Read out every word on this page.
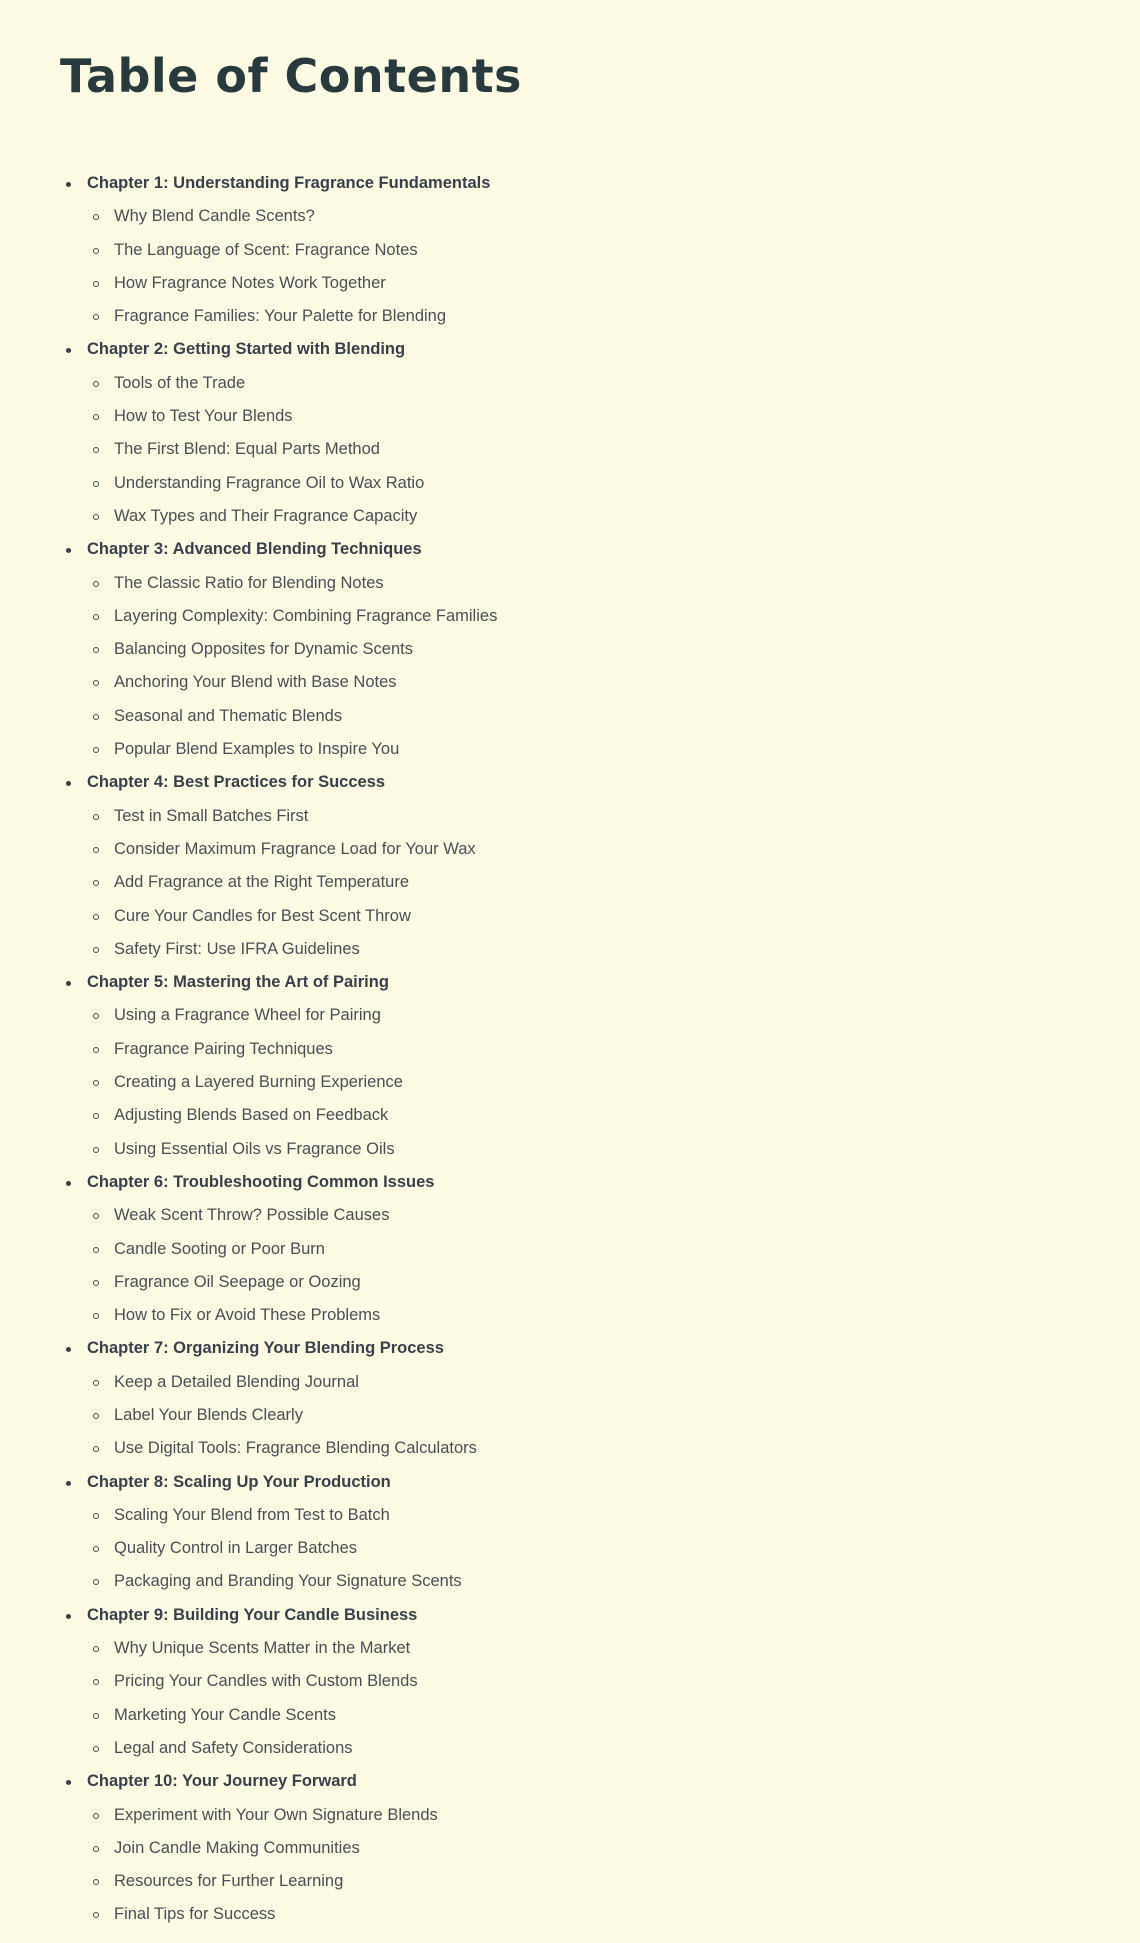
Table of Contents
Chapter 1: Understanding Fragrance Fundamentals
Why Blend Candle Scents?
The Language of Scent: Fragrance Notes
How Fragrance Notes Work Together
Fragrance Families: Your Palette for Blending
Chapter 2: Getting Started with Blending
Tools of the Trade
How to Test Your Blends
The First Blend: Equal Parts Method
Understanding Fragrance Oil to Wax Ratio
Wax Types and Their Fragrance Capacity
Chapter 3: Advanced Blending Techniques
The Classic Ratio for Blending Notes
Layering Complexity: Combining Fragrance Families
Balancing Opposites for Dynamic Scents
Anchoring Your Blend with Base Notes
Seasonal and Thematic Blends
Popular Blend Examples to Inspire You
Chapter 4: Best Practices for Success
Test in Small Batches First
Consider Maximum Fragrance Load for Your Wax
Add Fragrance at the Right Temperature
Cure Your Candles for Best Scent Throw
Safety First: Use IFRA Guidelines
Chapter 5: Mastering the Art of Pairing
Using a Fragrance Wheel for Pairing
Fragrance Pairing Techniques
Creating a Layered Burning Experience
Adjusting Blends Based on Feedback
Using Essential Oils vs Fragrance Oils
Chapter 6: Troubleshooting Common Issues
Weak Scent Throw? Possible Causes
Candle Sooting or Poor Burn
Fragrance Oil Seepage or Oozing
How to Fix or Avoid These Problems
Chapter 7: Organizing Your Blending Process
Keep a Detailed Blending Journal
Label Your Blends Clearly
Use Digital Tools: Fragrance Blending Calculators
Chapter 8: Scaling Up Your Production
Scaling Your Blend from Test to Batch
Quality Control in Larger Batches
Packaging and Branding Your Signature Scents
Chapter 9: Building Your Candle Business
Why Unique Scents Matter in the Market
Pricing Your Candles with Custom Blends
Marketing Your Candle Scents
Legal and Safety Considerations
Chapter 10: Your Journey Forward
Experiment with Your Own Signature Blends
Join Candle Making Communities
Resources for Further Learning
Final Tips for Success
